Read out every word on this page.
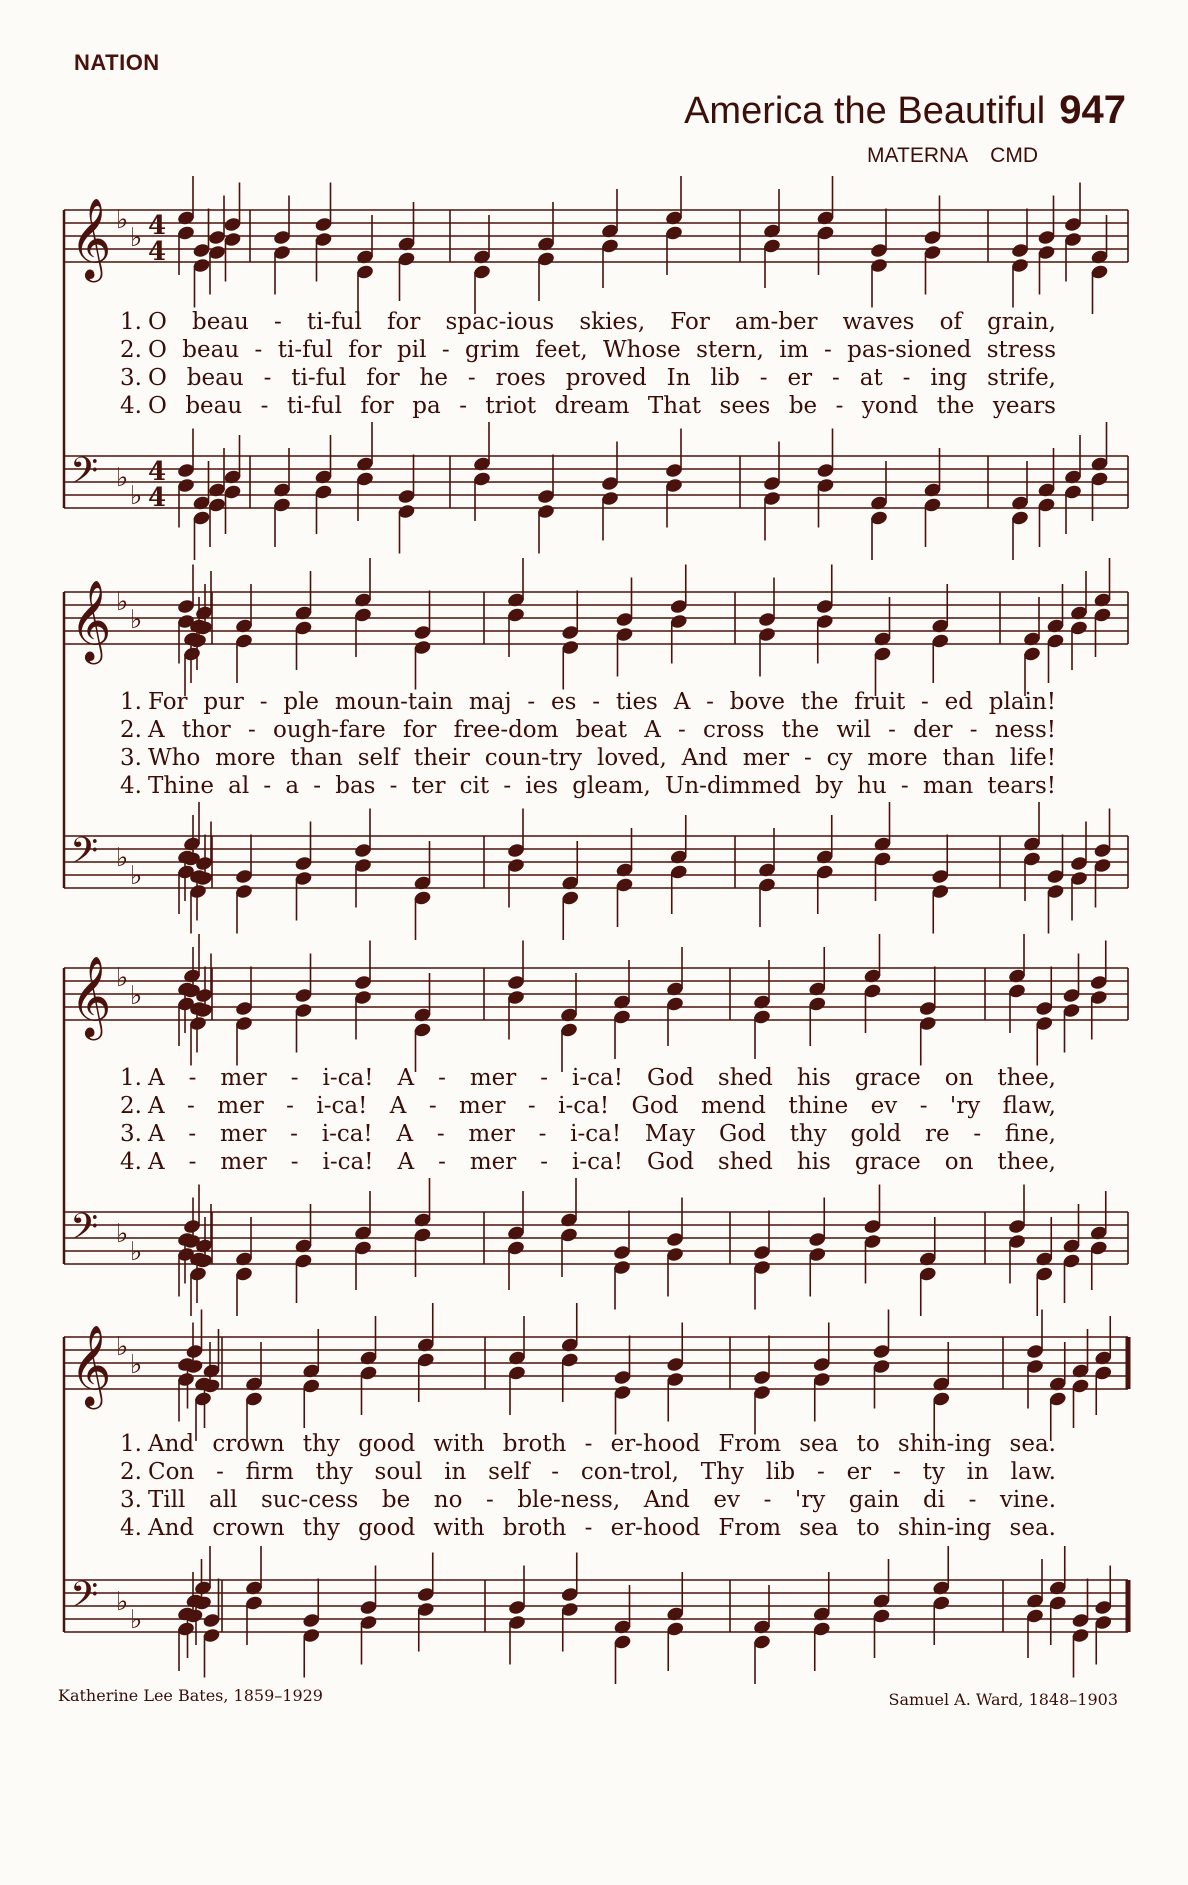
NATION
America the Beautiful 947
MATERNA CMD
𝄞 ♭
♭
𝄢 ♭
♭
𝄞 ♭
♭
𝄢 ♭
♭
𝄞 ♭
♭
𝄢 ♭
♭
𝄞 ♭
♭
𝄢 ♭
♭
4
4
4
4
1. O beau - ti-ful for spac-ious skies, For am-ber waves of grain,
2. O beau - ti-ful for pil - grim feet, Whose stern, im - pas-sioned stress
3. O beau - ti-ful for he - roes proved In lib - er - at - ing strife,
4. O beau - ti-ful for pa - triot dream That sees be - yond the years
1. For pur - ple moun-tain maj - es - ties A - bove the fruit - ed plain!
2. A thor - ough-fare for free-dom beat A - cross the wil - der - ness!
3. Who more than self their coun-try loved, And mer - cy more than life!
4. Thine al - a - bas - ter cit - ies gleam, Un-dimmed by hu - man tears!
1. A - mer - i-ca! A - mer - i-ca! God shed his grace on thee,
2. A - mer - i-ca! A - mer - i-ca! God mend thine ev - 'ry flaw,
3. A - mer - i-ca! A - mer - i-ca! May God thy gold re - fine,
4. A - mer - i-ca! A - mer - i-ca! God shed his grace on thee,
1. And crown thy good with broth - er-hood From sea to shin-ing sea.
2. Con - firm thy soul in self - con-trol, Thy lib - er - ty in law.
3. Till all suc-cess be no - ble-ness, And ev - 'ry gain di - vine.
4. And crown thy good with broth - er-hood From sea to shin-ing sea.
Katherine Lee Bates, 1859–1929	Samuel A. Ward, 1848–1903
